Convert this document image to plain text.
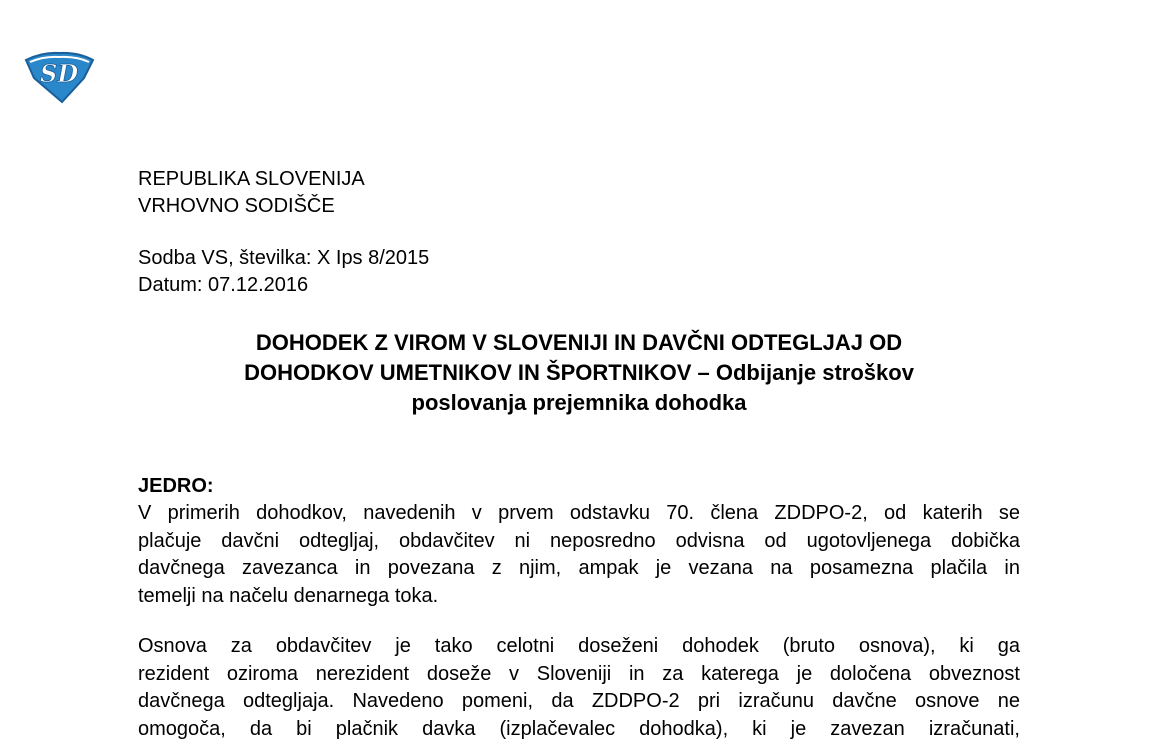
SD
REPUBLIKA SLOVENIJA
VRHOVNO SODIŠČE
Sodba VS, številka: X Ips 8/2015
Datum: 07.12.2016

DOHODEK Z VIROM V SLOVENIJI IN DAVČNI ODTEGLJAJ OD

DOHODKOV UMETNIKOV IN ŠPORTNIKOV – Odbijanje stroškov

poslovanja prejemnika dohodka

JEDRO:
V primerih dohodkov, navedenih v prvem odstavku 70. člena ZDDPO-2, od katerih se
plačuje davčni odtegljaj, obdavčitev ni neposredno odvisna od ugotovljenega dobička
davčnega zavezanca in povezana z njim, ampak je vezana na posamezna plačila in
temelji na načelu denarnega toka.
Osnova za obdavčitev je tako celotni doseženi dohodek (bruto osnova), ki ga
rezident oziroma nerezident doseže v Sloveniji in za katerega je določena obveznost
davčnega odtegljaja. Navedeno pomeni, da ZDDPO-2 pri izračunu davčne osnove ne
omogoča, da bi plačnik davka (izplačevalec dohodka), ki je zavezan izračunati,
